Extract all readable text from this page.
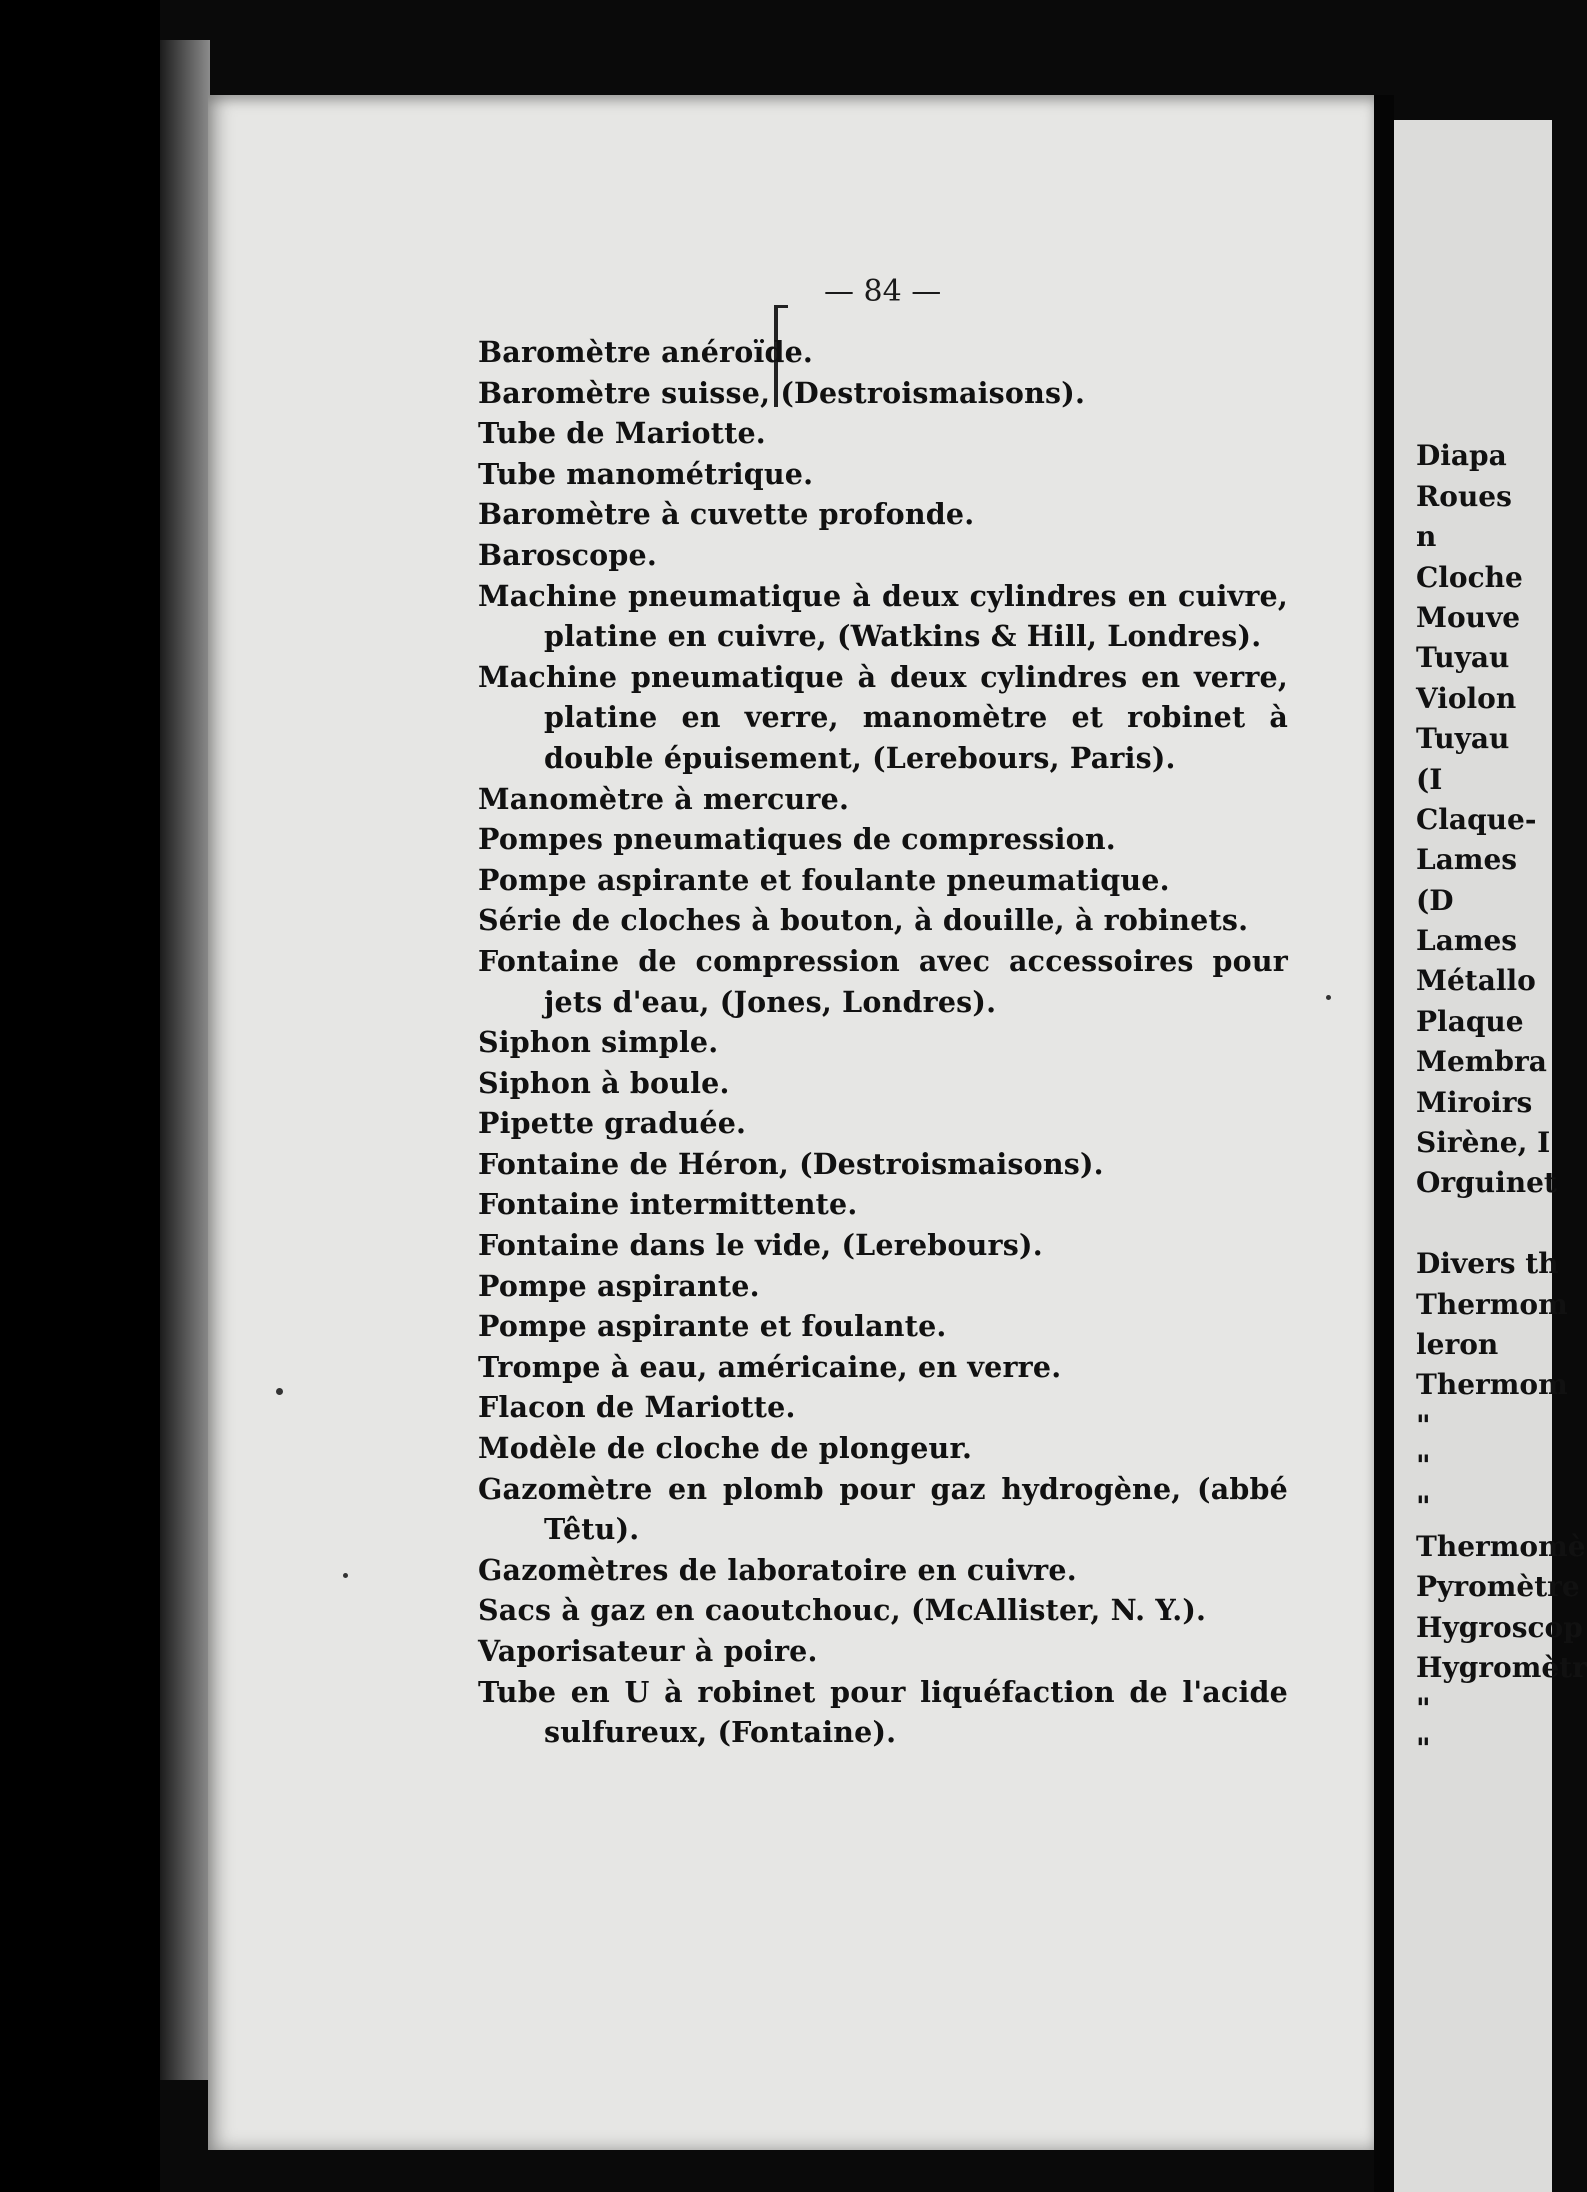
— 84 —
Baromètre anéroïde.
Baromètre suisse, (Destroismaisons).
Tube de Mariotte.
Tube manométrique.
Baromètre à cuvette profonde.
Baroscope.
Machine pneumatique à deux cylindres en cuivre, platine en cuivre, (Watkins & Hill, Londres).
Machine pneumatique à deux cylindres en verre, platine en verre, manomètre et robinet à double épuisement, (Lerebours, Paris).
Manomètre à mercure.
Pompes pneumatiques de compression.
Pompe aspirante et foulante pneumatique.
Série de cloches à bouton, à douille, à robinets.
Fontaine de compression avec accessoires pour jets d'eau, (Jones, Londres).
Siphon simple.
Siphon à boule.
Pipette graduée.
Fontaine de Héron, (Destroismaisons).
Fontaine intermittente.
Fontaine dans le vide, (Lerebours).
Pompe aspirante.
Pompe aspirante et foulante.
Trompe à eau, américaine, en verre.
Flacon de Mariotte.
Modèle de cloche de plongeur.
Gazomètre en plomb pour gaz hydrogène, (abbé Têtu).
Gazomètres de laboratoire en cuivre.
Sacs à gaz en caoutchouc, (McAllister, N. Y.).
Vaporisateur à poire.
Tube en U à robinet pour liquéfaction de l'acide sulfureux, (Fontaine).
Diapa
Roues
n
Cloche
Mouve
Tuyau
Violon
Tuyau
(I
Claque-
Lames
(D
Lames
Métallo
Plaque
Membra
Miroirs
Sirène, I
Orguinet
Divers th
Thermom
leron
Thermom
"
"
"
Thermomè
Pyromètre
Hygroscop
Hygromètr
"
"
